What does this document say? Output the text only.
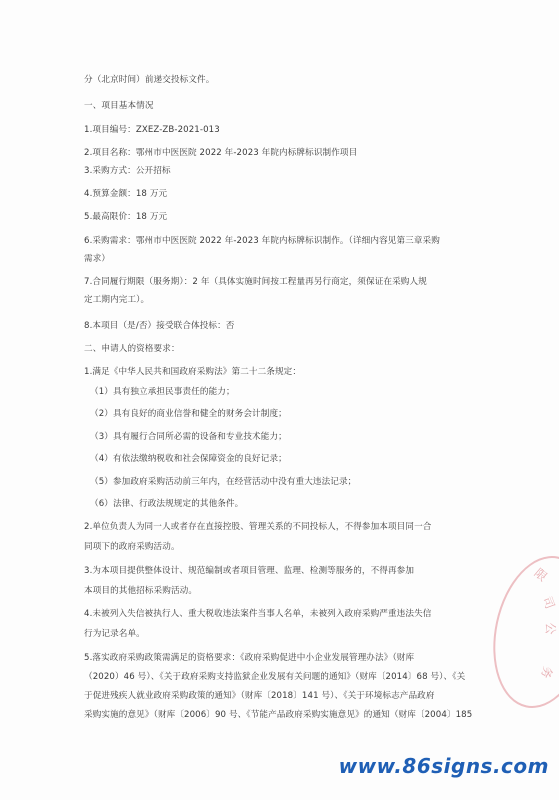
分（北京时间）前递交投标文件。
一、项目基本情况
1.项目编号：ZXEZ-ZB-2021-013
2.项目名称：鄂州市中医医院 2022 年-2023 年院内标牌标识制作项目
3.采购方式：公开招标
4.预算金额：18 万元
5.最高限价：18 万元
6.采购需求：鄂州市中医医院 2022 年-2023 年院内标牌标识制作。（详细内容见第三章采购
需求）
7.合同履行期限（服务期）：2 年（具体实施时间按工程量再另行商定，须保证在采购人规
定工期内完工）。
8.本项目（是/否）接受联合体投标：否
二、申请人的资格要求：
1.满足《中华人民共和国政府采购法》第二十二条规定：
（1）具有独立承担民事责任的能力；
（2）具有良好的商业信誉和健全的财务会计制度；
（3）具有履行合同所必需的设备和专业技术能力；
（4）有依法缴纳税收和社会保障资金的良好记录；
（5）参加政府采购活动前三年内，在经营活动中没有重大违法记录；
（6）法律、行政法规规定的其他条件。
2.单位负责人为同一人或者存在直接控股、管理关系的不同投标人，不得参加本项目同一合
同项下的政府采购活动。
3.为本项目提供整体设计、规范编制或者项目管理、监理、检测等服务的，不得再参加
本项目的其他招标采购活动。
4.未被列入失信被执行人、重大税收违法案件当事人名单，未被列入政府采购严重违法失信
行为记录名单。
5.落实政府采购政策需满足的资格要求：《政府采购促进中小企业发展管理办法》（财库
（2020）46 号）、《关于政府采购支持监狱企业发展有关问题的通知》（财库〔2014〕68 号）、《关
于促进残疾人就业政府采购政策的通知》（财库〔2018〕141 号）、《关于环境标志产品政府
采购实施的意见》（财库〔2006〕90 号、《节能产品政府采购实施意见》的通知（财库〔2004〕185
限
司
公
务
www.86signs.com
